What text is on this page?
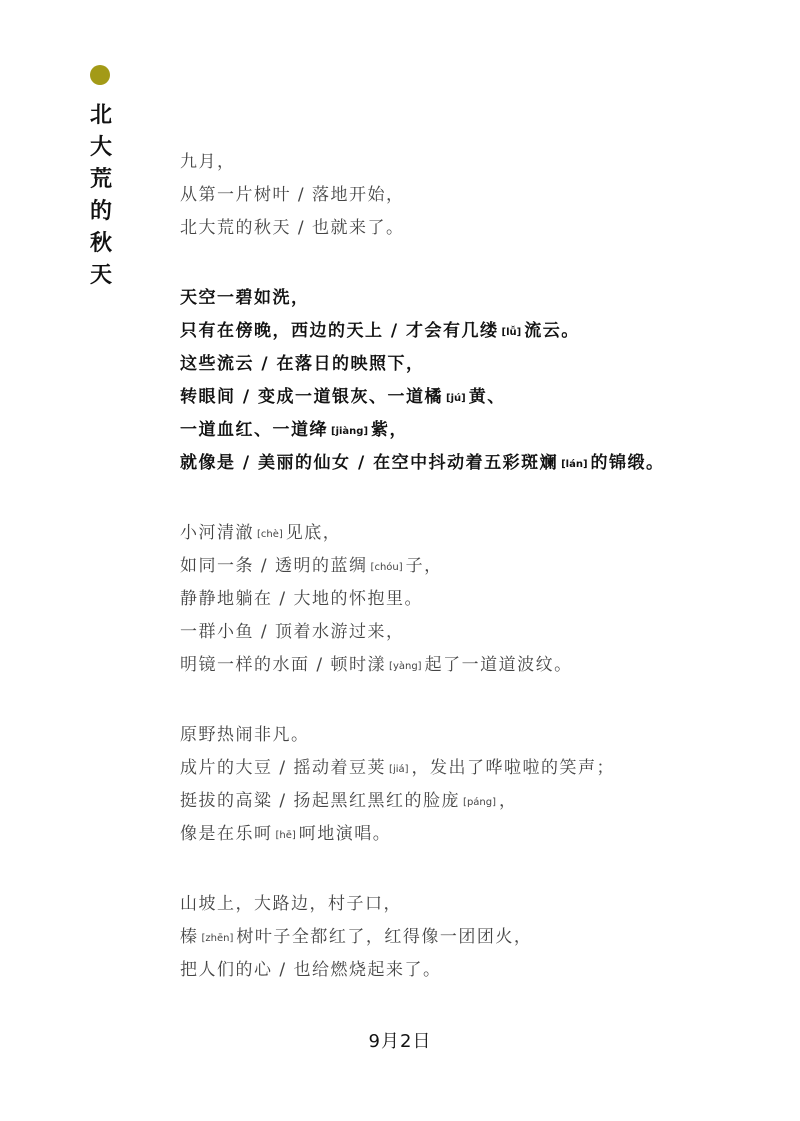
北
大
荒
的
秋
天
九月，
从第一片树叶 / 落地开始，
北大荒的秋天 / 也就来了。
天空一碧如洗，
只有在傍晚，西边的天上 / 才会有几缕 [lǚ] 流云。
这些流云 / 在落日的映照下，
转眼间 / 变成一道银灰、一道橘 [jú] 黄、
一道血红、一道绛 [jiàng] 紫，
就像是 / 美丽的仙女 / 在空中抖动着五彩斑斓 [lán] 的锦缎。
小河清澈 [chè] 见底，
如同一条 / 透明的蓝绸 [chóu] 子，
静静地躺在 / 大地的怀抱里。
一群小鱼 / 顶着水游过来，
明镜一样的水面 / 顿时漾 [yàng] 起了一道道波纹。
原野热闹非凡。
成片的大豆 / 摇动着豆荚 [jiá] ，发出了哗啦啦的笑声；
挺拔的高粱 / 扬起黑红黑红的脸庞 [páng] ，
像是在乐呵 [hē] 呵地演唱。
山坡上，大路边，村子口，
榛 [zhēn] 树叶子全都红了，红得像一团团火，
把人们的心 / 也给燃烧起来了。
9月2日
